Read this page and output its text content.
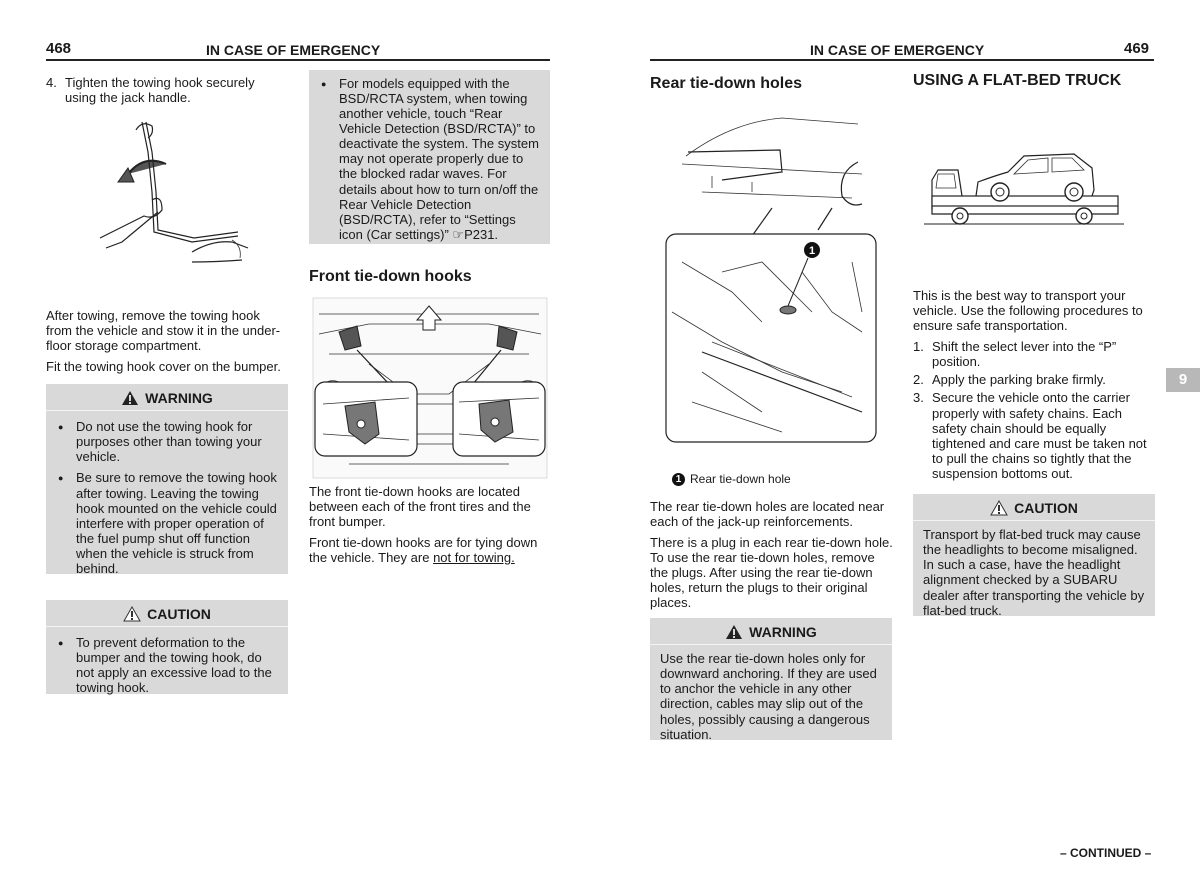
468	IN CASE OF EMERGENCY
4. Tighten the towing hook securely using the jack handle.

After towing, remove the towing hook from the vehicle and stow it in the under-floor storage compartment.

Fit the towing hook cover on the bumper.

WARNING
●
Do not use the towing hook for purposes other than towing your vehicle.
●
Be sure to remove the towing hook after towing. Leaving the towing hook mounted on the vehicle could interfere with proper operation of the fuel pump shut off function when the vehicle is struck from behind.
CAUTION
●
To prevent deformation to the bumper and the towing hook, do not apply an excessive load to the towing hook.
●
For models equipped with the BSD/RCTA system, when towing another vehicle, touch “Rear Vehicle Detection (BSD/RCTA)” to deactivate the system. The system may not operate properly due to the blocked radar waves. For details about how to turn on/off the Rear Vehicle Detection (BSD/RCTA), refer to “Settings icon (Car settings)” ☞P231.
Front tie-down hooks

The front tie-down hooks are located between each of the front tires and the front bumper.

Front tie-down hooks are for tying down the vehicle. They are not for towing.

IN CASE OF EMERGENCY	469
Rear tie-down holes
1
1 Rear tie-down hole

The rear tie-down holes are located near each of the jack-up reinforcements.

There is a plug in each rear tie-down hole. To use the rear tie-down holes, remove the plugs. After using the rear tie-down holes, return the plugs to their original places.

WARNING
Use the rear tie-down holes only for downward anchoring. If they are used to anchor the vehicle in any other direction, cables may slip out of the holes, possibly causing a dangerous situation.
USING A FLAT-BED TRUCK

This is the best way to transport your vehicle. Use the following procedures to ensure safe transportation.

1. Shift the select lever into the “P” position.
2. Apply the parking brake firmly.
3. Secure the vehicle onto the carrier properly with safety chains. Each safety chain should be equally tightened and care must be taken not to pull the chains so tightly that the suspension bottoms out.
CAUTION
Transport by flat-bed truck may cause the headlights to become misaligned. In such a case, have the headlight alignment checked by a SUBARU dealer after transporting the vehicle by flat-bed truck.
9
– CONTINUED –
